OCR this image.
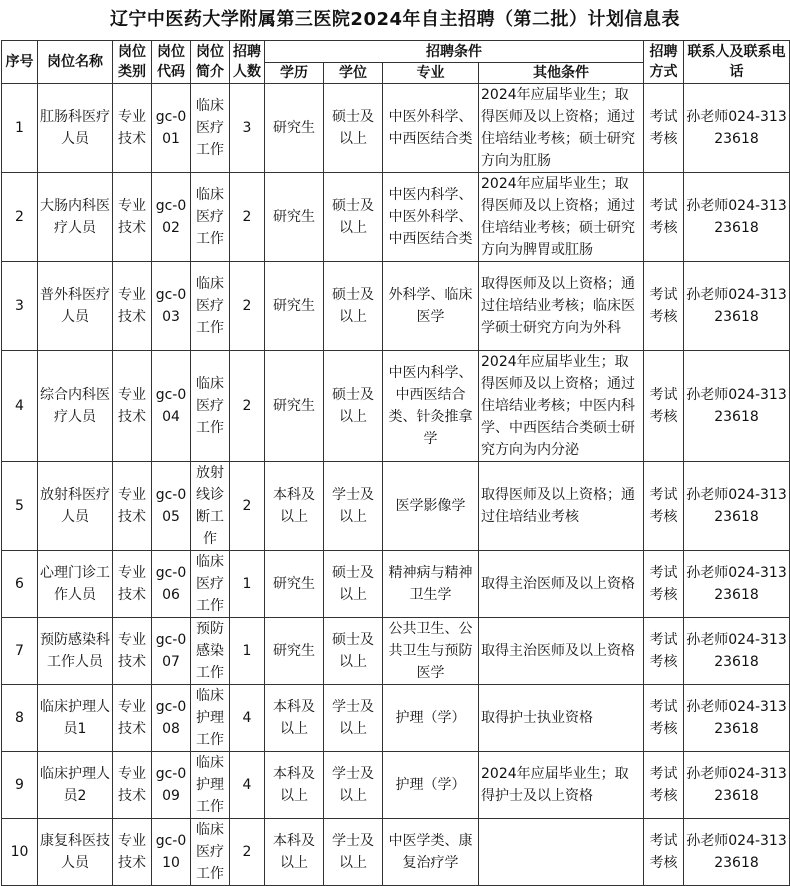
辽宁中医药大学附属第三医院2024年自主招聘（第二批）计划信息表
序号	岗位名称	岗位类别	岗位代码	岗位简介	招聘人数	招聘条件				招聘方式	联系人及联系电话
						学历	学位	专业	其他条件		
1	肛肠科医疗人员	专业技术	gc-001	临床医疗工作	3	研究生	硕士及以上	中医外科学、中西医结合类	2024年应届毕业生；取得医师及以上资格；通过住培结业考核；硕士研究方向为肛肠	考试考核	孙老师024-31323618
2	大肠内科医疗人员	专业技术	gc-002	临床医疗工作	2	研究生	硕士及以上	中医内科学、中医外科学、中西医结合类	2024年应届毕业生；取得医师及以上资格；通过住培结业考核；硕士研究方向为脾胃或肛肠	考试考核	孙老师024-31323618
3	普外科医疗人员	专业技术	gc-003	临床医疗工作	2	研究生	硕士及以上	外科学、临床医学	取得医师及以上资格；通过住培结业考核；临床医学硕士研究方向为外科	考试考核	孙老师024-31323618
4	综合内科医疗人员	专业技术	gc-004	临床医疗工作	2	研究生	硕士及以上	中医内科学、中西医结合类、针灸推拿学	2024年应届毕业生；取得医师及以上资格；通过住培结业考核；中医内科学、中西医结合类硕士研究方向为内分泌	考试考核	孙老师024-31323618
5	放射科医疗人员	专业技术	gc-005	放射线诊断工作	2	本科及以上	学士及以上	医学影像学	取得医师及以上资格；通过住培结业考核	考试考核	孙老师024-31323618
6	心理门诊工作人员	专业技术	gc-006	临床医疗工作	1	研究生	硕士及以上	精神病与精神卫生学	取得主治医师及以上资格	考试考核	孙老师024-31323618
7	预防感染科工作人员	专业技术	gc-007	预防感染工作	1	研究生	硕士及以上	公共卫生、公共卫生与预防医学	取得主治医师及以上资格	考试考核	孙老师024-31323618
8	临床护理人员1	专业技术	gc-008	临床护理工作	4	本科及以上	学士及以上	护理（学）	取得护士执业资格	考试考核	孙老师024-31323618
9	临床护理人员2	专业技术	gc-009	临床护理工作	4	本科及以上	学士及以上	护理（学）	2024年应届毕业生；取得护士及以上资格	考试考核	孙老师024-31323618
10	康复科医技人员	专业技术	gc-010	临床医疗工作	2	本科及以上	学士及以上	中医学类、康复治疗学		考试考核	孙老师024-31323618
